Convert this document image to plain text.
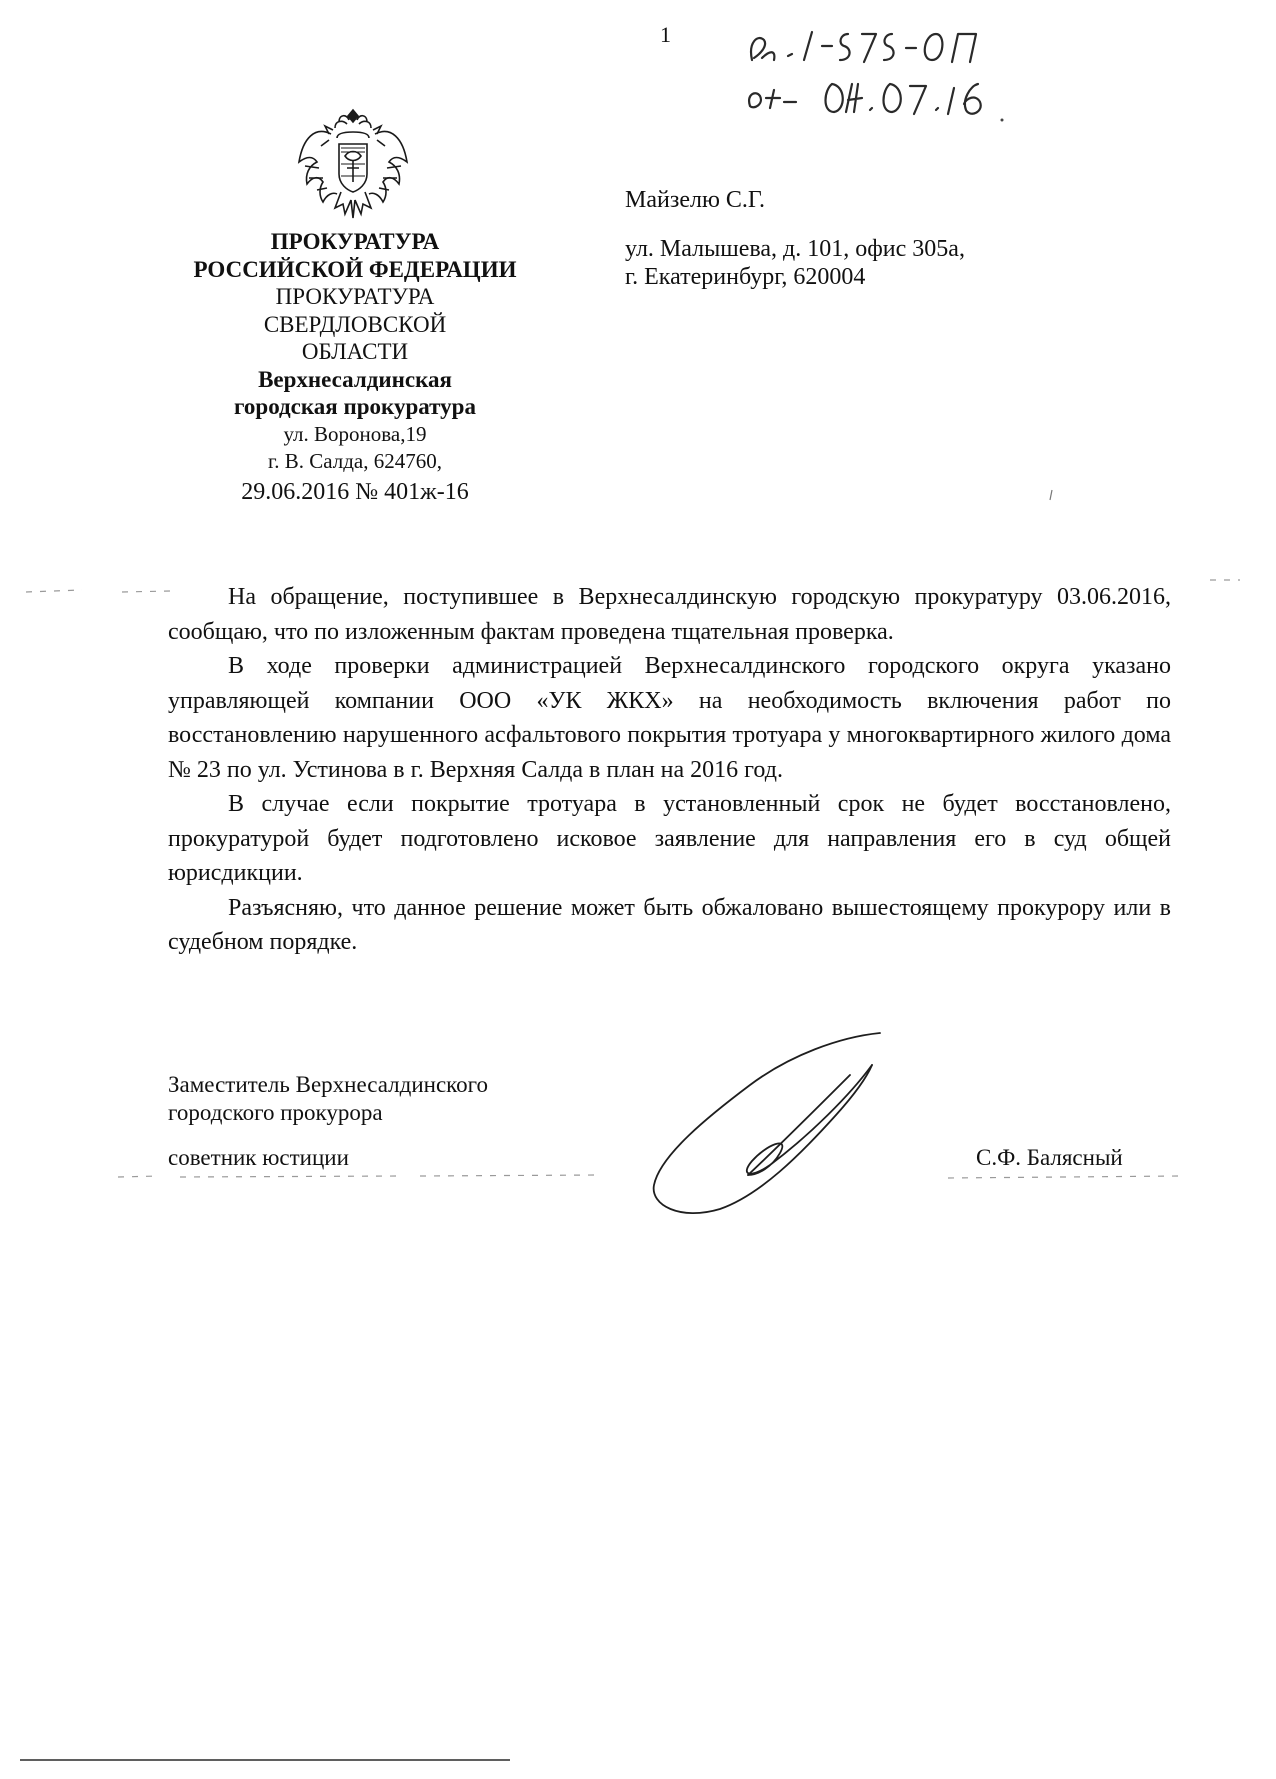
1
ПРОКУРАТУРА
РОССИЙСКОЙ ФЕДЕРАЦИИ
ПРОКУРАТУРА
СВЕРДЛОВСКОЙ
ОБЛАСТИ
Верхнесалдинская
городская прокуратура
ул. Воронова,19
г. В. Салда, 624760,
29.06.2016 № 401ж-16
Майзелю С.Г.
ул. Малышева, д. 101, офис 305а,
г. Екатеринбург, 620004

На обращение, поступившее в Верхнесалдинскую городскую прокуратуру 03.06.2016, сообщаю, что по изложенным фактам проведена тщательная проверка.

В ходе проверки администрацией Верхнесалдинского городского округа указано управляющей компании ООО «УК ЖКХ» на необходимость включения работ по восстановлению нарушенного асфальтового покрытия тротуара у многоквартирного жилого дома № 23 по ул. Устинова в г. Верхняя Салда в план на 2016 год.

В случае если покрытие тротуара в установленный срок не будет восстановлено, прокуратурой будет подготовлено исковое заявление для направления его в суд общей юрисдикции.

Разъясняю, что данное решение может быть обжаловано вышестоящему прокурору или в судебном порядке.

Заместитель Верхнесалдинского
городского прокурора
советник юстиции	С.Ф. Балясный
